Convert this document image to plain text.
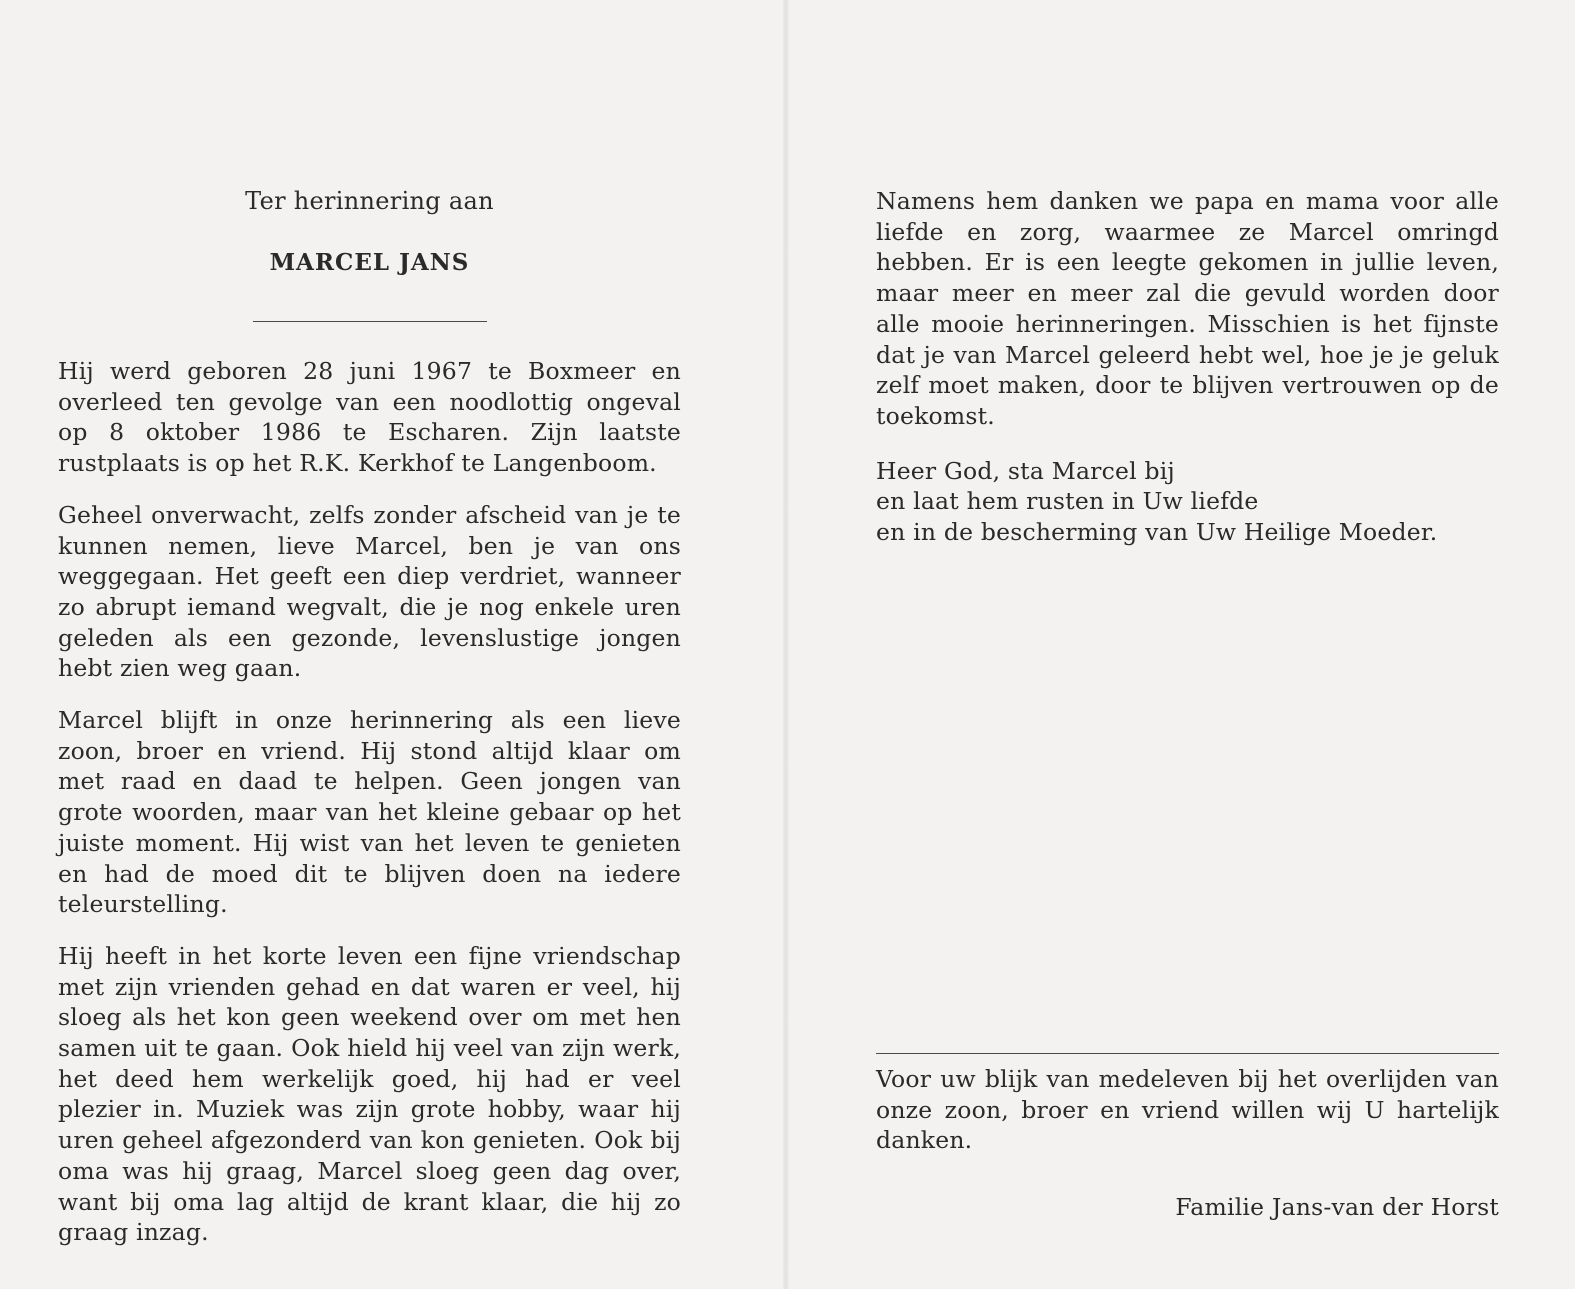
Ter herinnering aan

MARCEL JANS

Hij werd geboren 28 juni 1967 te Boxmeer en overleed ten gevolge van een noodlottig ongeval op 8 oktober 1986 te Escharen. Zijn laatste rustplaats is op het R.K. Kerkhof te Langenboom.

Geheel onverwacht, zelfs zonder afscheid van je te kunnen nemen, lieve Marcel, ben je van ons weggegaan. Het geeft een diep verdriet, wanneer zo abrupt iemand wegvalt, die je nog enkele uren geleden als een gezonde, levenslustige jongen hebt zien weg gaan.

Marcel blijft in onze herinnering als een lieve zoon, broer en vriend. Hij stond altijd klaar om met raad en daad te helpen. Geen jongen van grote woorden, maar van het kleine gebaar op het juiste moment. Hij wist van het leven te genieten en had de moed dit te blijven doen na iedere teleurstelling.

Hij heeft in het korte leven een fijne vriendschap met zijn vrienden gehad en dat waren er veel, hij sloeg als het kon geen weekend over om met hen samen uit te gaan. Ook hield hij veel van zijn werk, het deed hem werkelijk goed, hij had er veel plezier in. Muziek was zijn grote hobby, waar hij uren geheel afgezonderd van kon genieten. Ook bij oma was hij graag, Marcel sloeg geen dag over, want bij oma lag altijd de krant klaar, die hij zo graag inzag.

Namens hem danken we papa en mama voor alle liefde en zorg, waarmee ze Marcel omringd hebben. Er is een leegte gekomen in jullie leven, maar meer en meer zal die gevuld worden door alle mooie herinneringen. Misschien is het fijnste dat je van Marcel geleerd hebt wel, hoe je je geluk zelf moet maken, door te blijven vertrouwen op de toekomst.

Heer God, sta Marcel bij
en laat hem rusten in Uw liefde
en in de bescherming van Uw Heilige Moeder.

Voor uw blijk van medeleven bij het overlijden van onze zoon, broer en vriend willen wij U hartelijk danken.

Familie Jans-van der Horst
